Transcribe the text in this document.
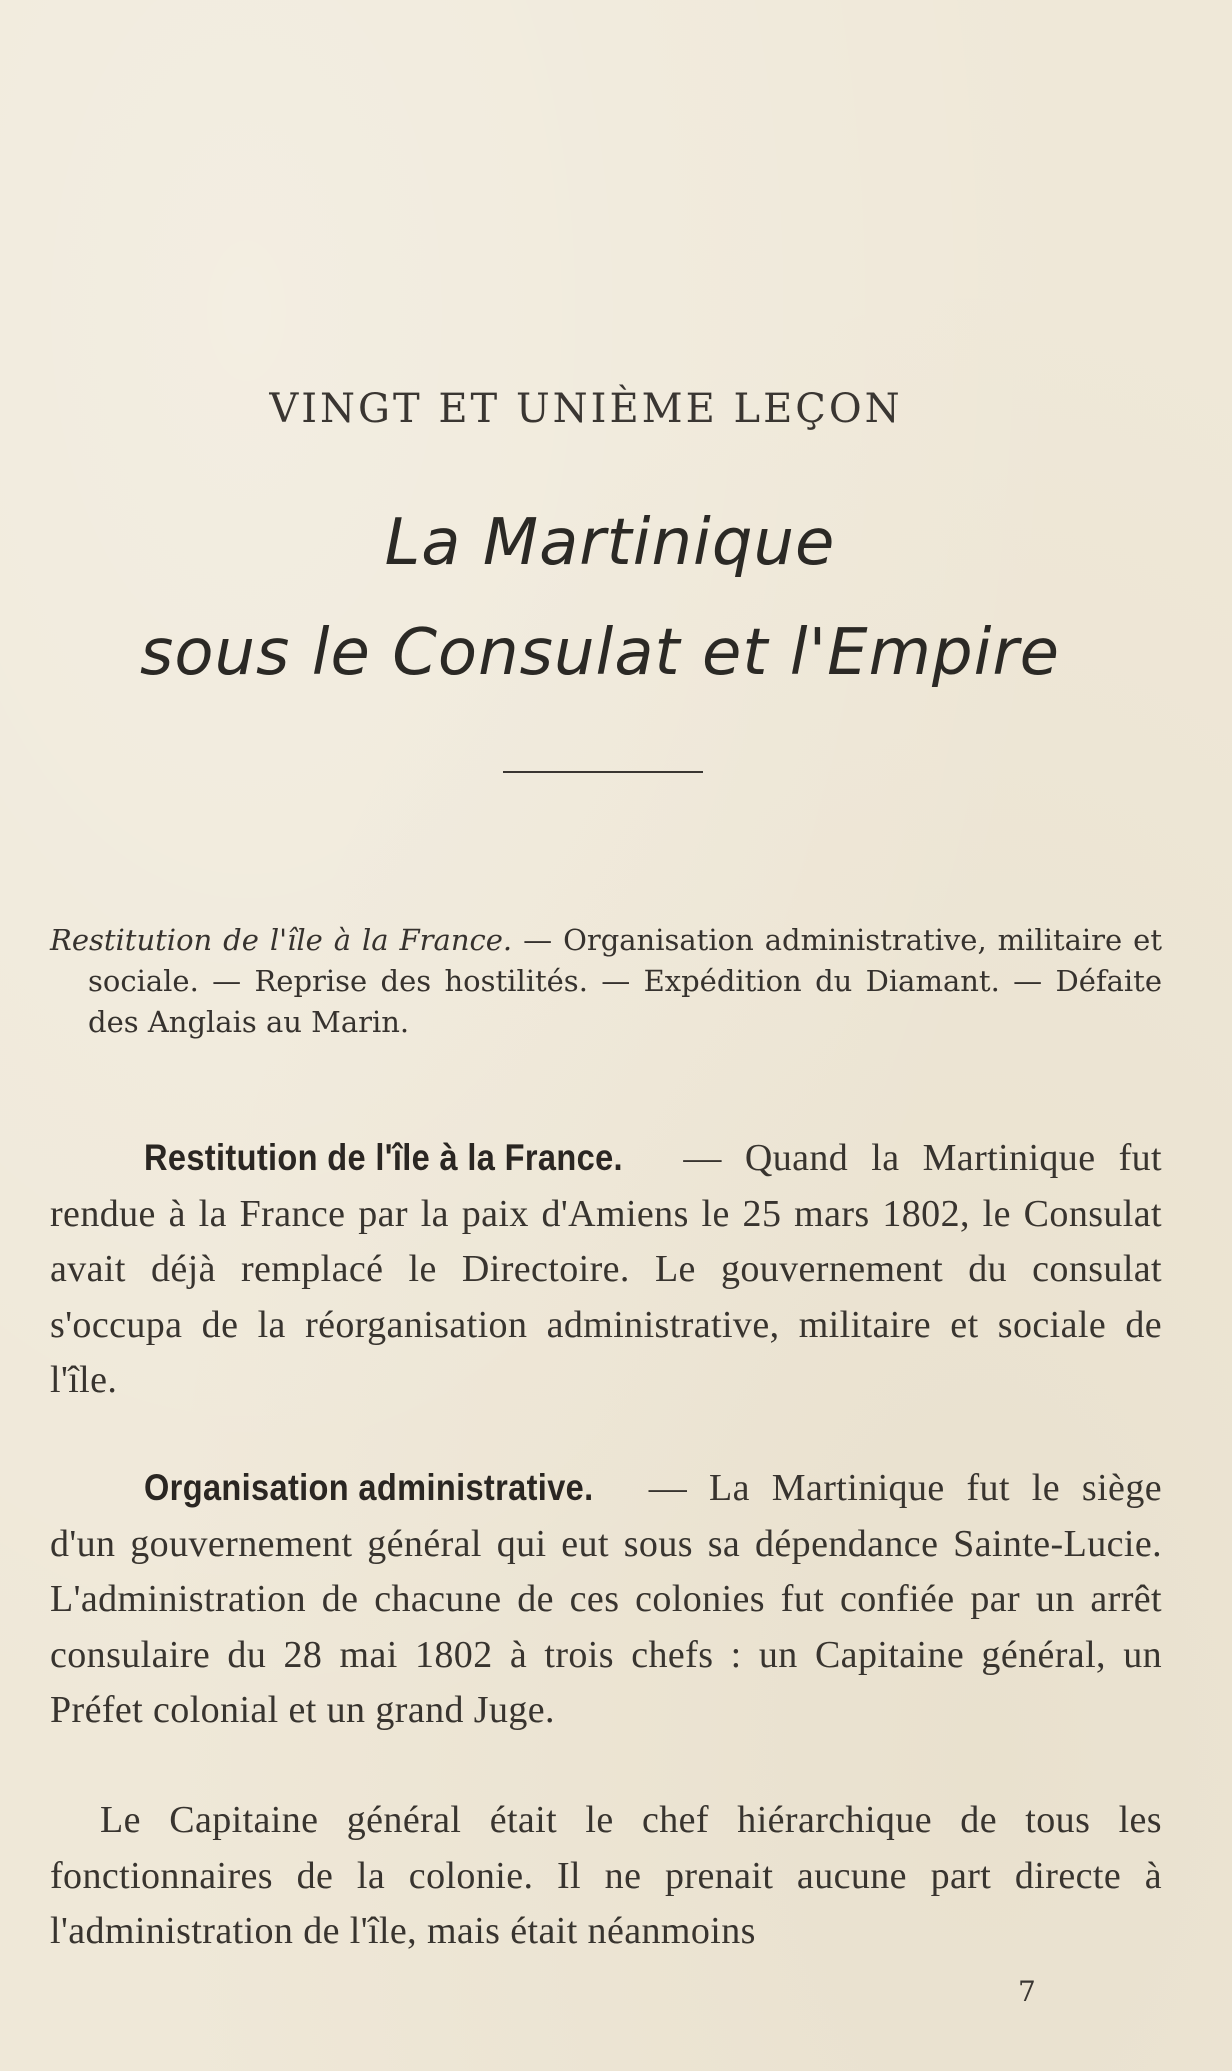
VINGT ET UNIÈME LEÇON
La Martinique
sous le Consulat et l'Empire
Restitution de l'île à la France. — Organisation administrative, militaire et sociale. — Reprise des hostilités. — Expédition du Diamant. — Défaite des Anglais au Marin.
Restitution de l'île à la France. — Quand la Martinique fut rendue à la France par la paix d'Amiens le 25 mars 1802, le Consulat avait déjà remplacé le Directoire. Le gouvernement du consulat s'occupa de la réorganisation administrative, militaire et sociale de l'île.
Organisation administrative. — La Martinique fut le siège d'un gouvernement général qui eut sous sa dépendance Sainte-Lucie. L'administration de chacune de ces colonies fut confiée par un arrêt consulaire du 28 mai 1802 à trois chefs : un Capitaine général, un Préfet colonial et un grand Juge.
Le Capitaine général était le chef hiérarchique de tous les fonctionnaires de la colonie. Il ne prenait aucune part directe à l'administration de l'île, mais était néanmoins
7
